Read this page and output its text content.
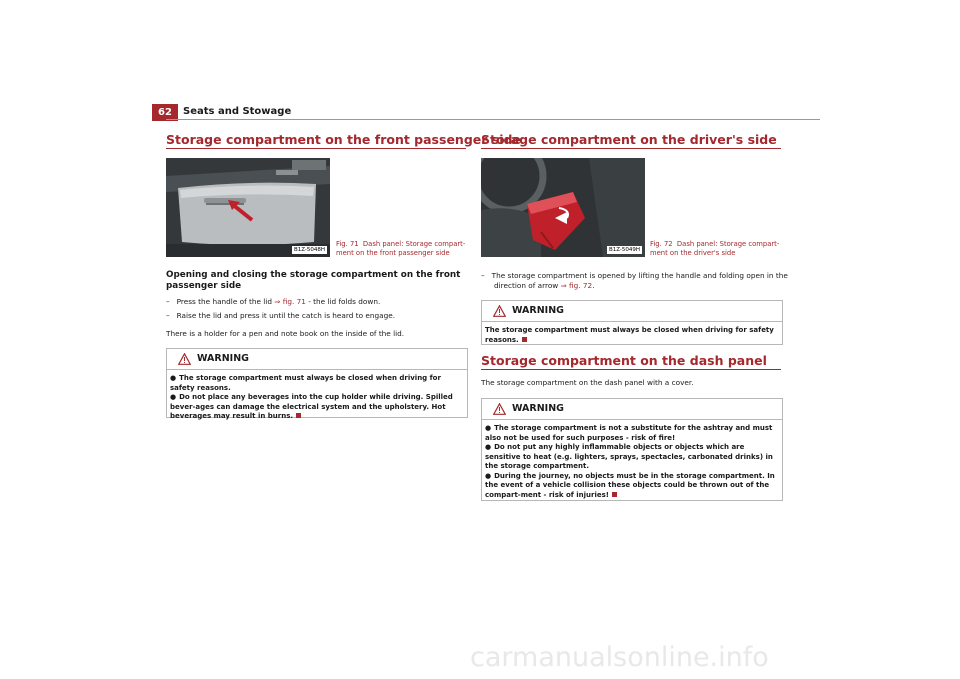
62	Seats and Stowage
Storage compartment on the front passenger side
B1Z-5048H
Fig. 71 Dash panel: Storage compart-ment on the front passenger side
Opening and closing the storage compartment on the front passenger side
– Press the handle of the lid ⇒ fig. 71 - the lid folds down.
– Raise the lid and press it until the catch is heard to engage.
There is a holder for a pen and note book on the inside of the lid.
WARNING

● The storage compartment must always be closed when driving for safety reasons.

● Do not place any beverages into the cup holder while driving. Spilled bever-ages can damage the electrical system and the upholstery. Hot beverages may result in burns.

Storage compartment on the driver's side
B1Z-5049H
Fig. 72 Dash panel: Storage compart-ment on the driver's side
– The storage compartment is opened by lifting the handle and folding open in the direction of arrow ⇒ fig. 72.
WARNING

The storage compartment must always be closed when driving for safety reasons.

Storage compartment on the dash panel
The storage compartment on the dash panel with a cover.
WARNING

● The storage compartment is not a substitute for the ashtray and must also not be used for such purposes - risk of fire!

● Do not put any highly inflammable objects or objects which are sensitive to heat (e.g. lighters, sprays, spectacles, carbonated drinks) in the storage compartment.

● During the journey, no objects must be in the storage compartment. In the event of a vehicle collision these objects could be thrown out of the compart-ment - risk of injuries!

carmanualsonline.info
